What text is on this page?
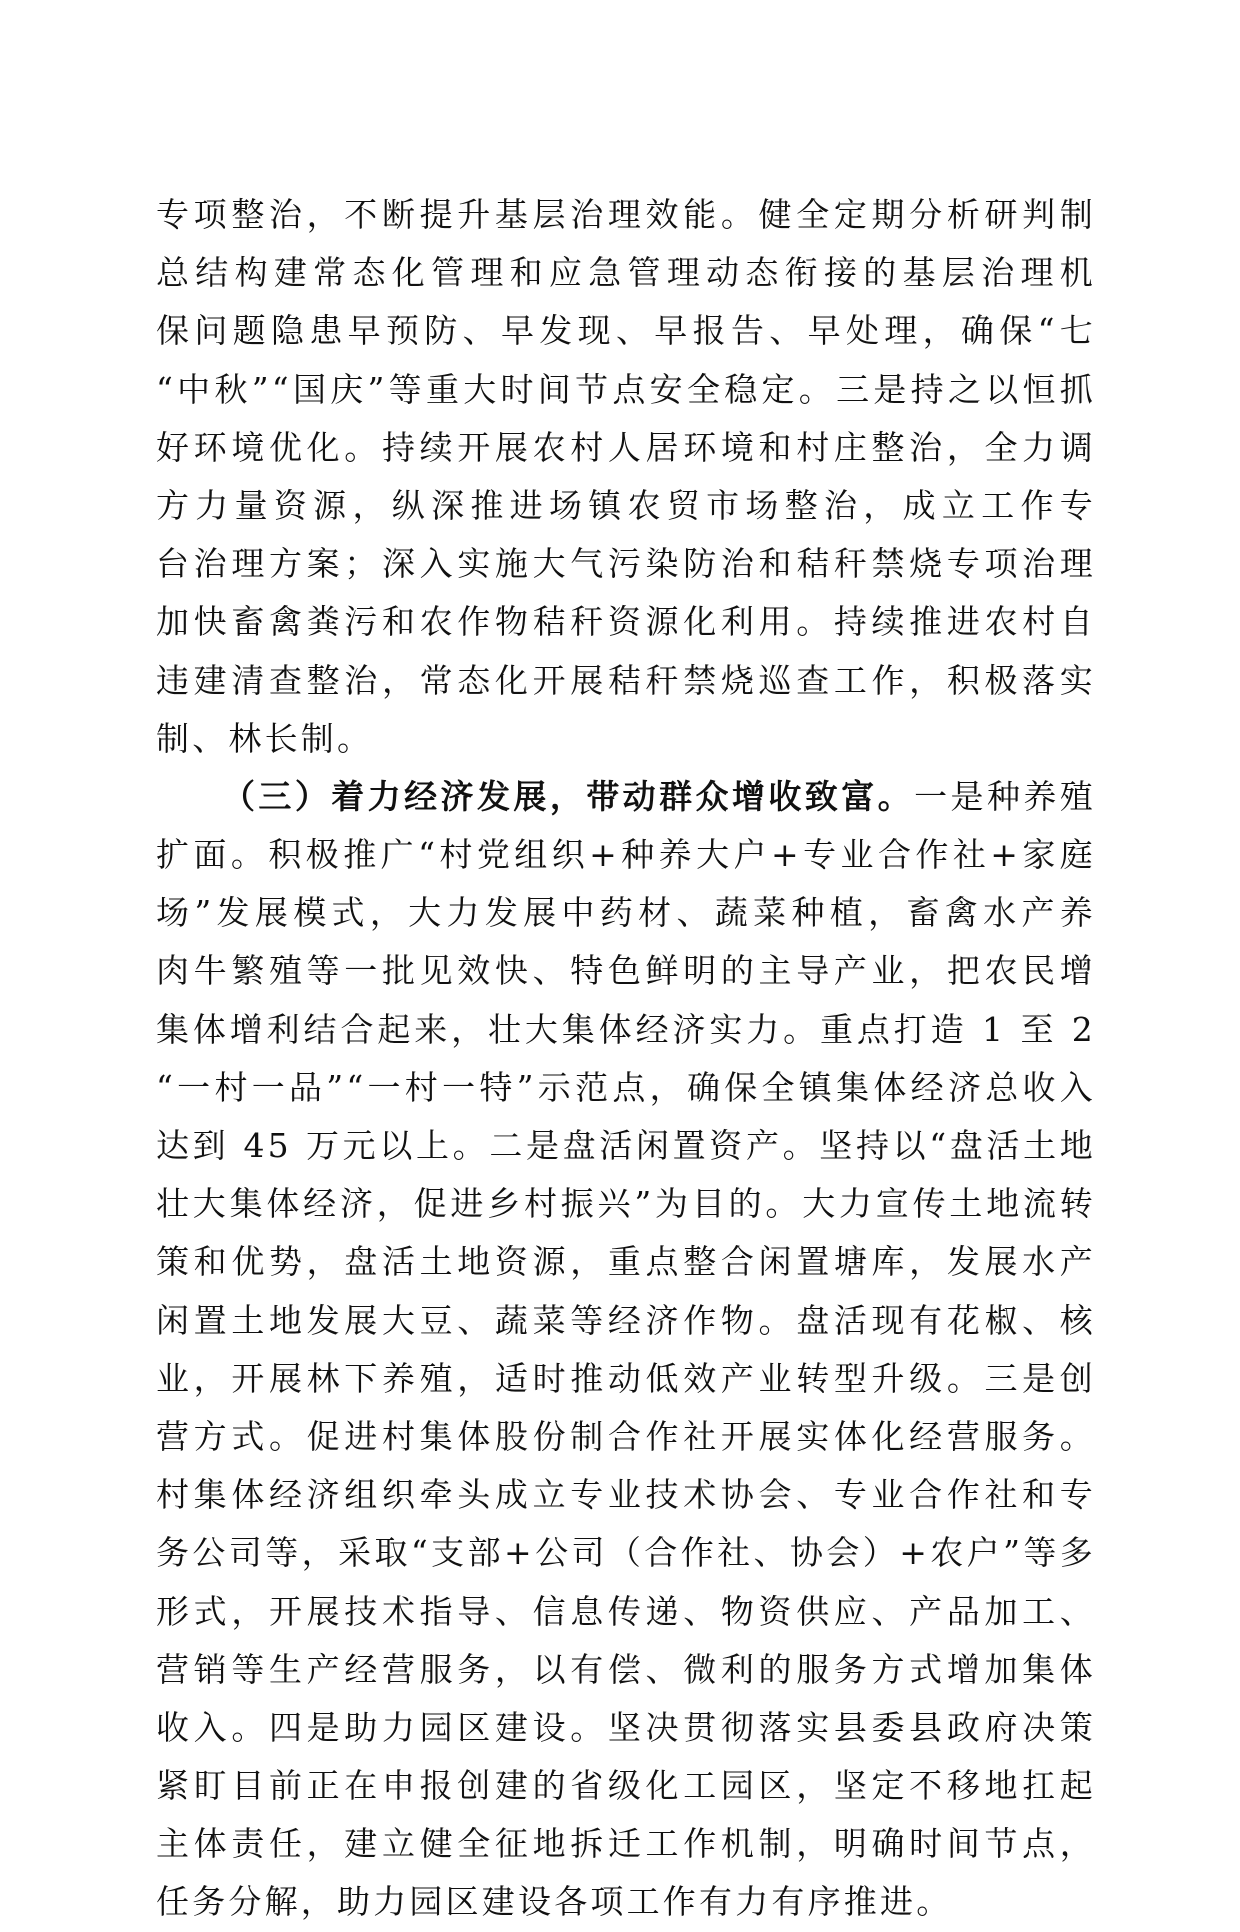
专项整治，不断提升基层治理效能。健全定期分析研判制
总结构建常态化管理和应急管理动态衔接的基层治理机
保问题隐患早预防、早发现、早报告、早处理，确保“七
“中秋”“国庆”等重大时间节点安全稳定。三是持之以恒抓
好环境优化。持续开展农村人居环境和村庄整治，全力调
方力量资源，纵深推进场镇农贸市场整治，成立工作专
台治理方案；深入实施大气污染防治和秸秆禁烧专项治理
加快畜禽粪污和农作物秸秆资源化利用。持续推进农村自
违建清查整治，常态化开展秸秆禁烧巡查工作，积极落实
制、林长制。
（三）着力经济发展，带动群众增收致富。一是种养殖
扩面。积极推广“村党组织+种养大户+专业合作社+家庭
场”发展模式，大力发展中药材、蔬菜种植，畜禽水产养
肉牛繁殖等一批见效快、特色鲜明的主导产业，把农民增
集体增利结合起来，壮大集体经济实力。重点打造 1 至 2
“一村一品”“一村一特”示范点，确保全镇集体经济总收入
达到 45 万元以上。二是盘活闲置资产。坚持以“盘活土地
壮大集体经济，促进乡村振兴”为目的。大力宣传土地流转
策和优势，盘活土地资源，重点整合闲置塘库，发展水产
闲置土地发展大豆、蔬菜等经济作物。盘活现有花椒、核
业，开展林下养殖，适时推动低效产业转型升级。三是创
营方式。促进村集体股份制合作社开展实体化经营服务。
村集体经济组织牵头成立专业技术协会、专业合作社和专
务公司等，采取“支部+公司（合作社、协会）+农户”等多
形式，开展技术指导、信息传递、物资供应、产品加工、
营销等生产经营服务，以有偿、微利的服务方式增加集体
收入。四是助力园区建设。坚决贯彻落实县委县政府决策
紧盯目前正在申报创建的省级化工园区，坚定不移地扛起
主体责任，建立健全征地拆迁工作机制，明确时间节点，
任务分解，助力园区建设各项工作有力有序推进。
